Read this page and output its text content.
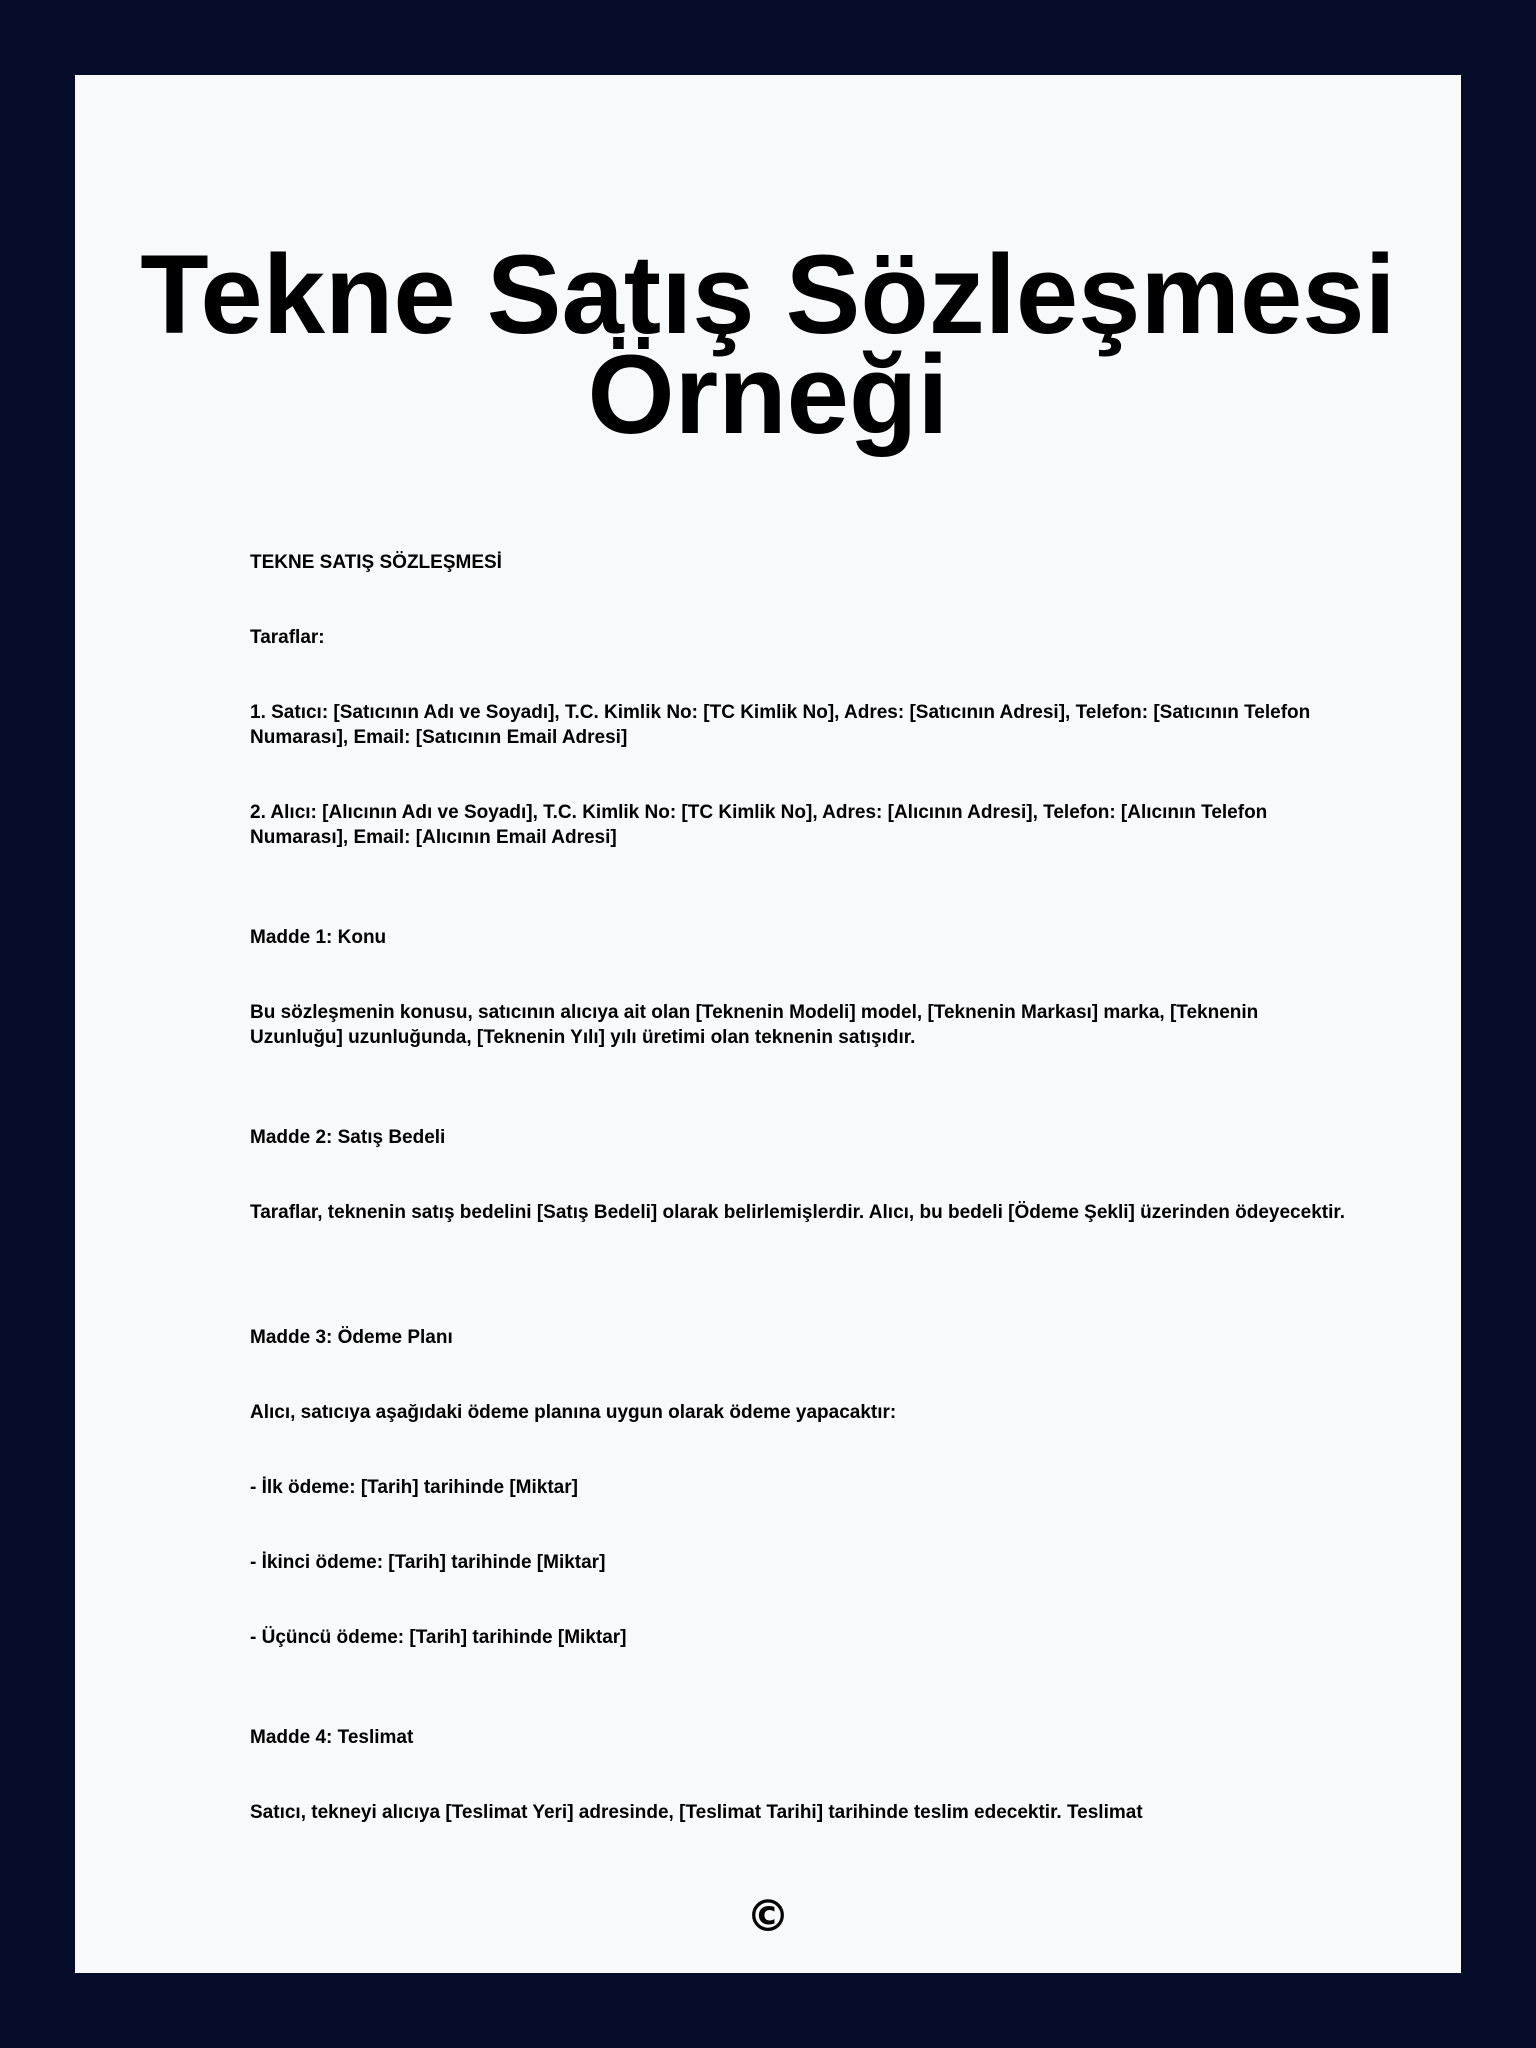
Tekne Satış Sözleşmesi Örneği

TEKNE SATIŞ SÖZLEŞMESİ

Taraflar:

1. Satıcı: [Satıcının Adı ve Soyadı], T.C. Kimlik No: [TC Kimlik No], Adres: [Satıcının Adresi], Telefon: [Satıcının Telefon Numarası], Email: [Satıcının Email Adresi]

2. Alıcı: [Alıcının Adı ve Soyadı], T.C. Kimlik No: [TC Kimlik No], Adres: [Alıcının Adresi], Telefon: [Alıcının Telefon Numarası], Email: [Alıcının Email Adresi]

Madde 1: Konu

Bu sözleşmenin konusu, satıcının alıcıya ait olan [Teknenin Modeli] model, [Teknenin Markası] marka, [Teknenin Uzunluğu] uzunluğunda, [Teknenin Yılı] yılı üretimi olan teknenin satışıdır.

Madde 2: Satış Bedeli

Taraflar, teknenin satış bedelini [Satış Bedeli] olarak belirlemişlerdir. Alıcı, bu bedeli [Ödeme Şekli] üzerinden ödeyecektir.

Madde 3: Ödeme Planı

Alıcı, satıcıya aşağıdaki ödeme planına uygun olarak ödeme yapacaktır:

- İlk ödeme: [Tarih] tarihinde [Miktar]

- İkinci ödeme: [Tarih] tarihinde [Miktar]

- Üçüncü ödeme: [Tarih] tarihinde [Miktar]

Madde 4: Teslimat

Satıcı, tekneyi alıcıya [Teslimat Yeri] adresinde, [Teslimat Tarihi] tarihinde teslim edecektir. Teslimat

©
